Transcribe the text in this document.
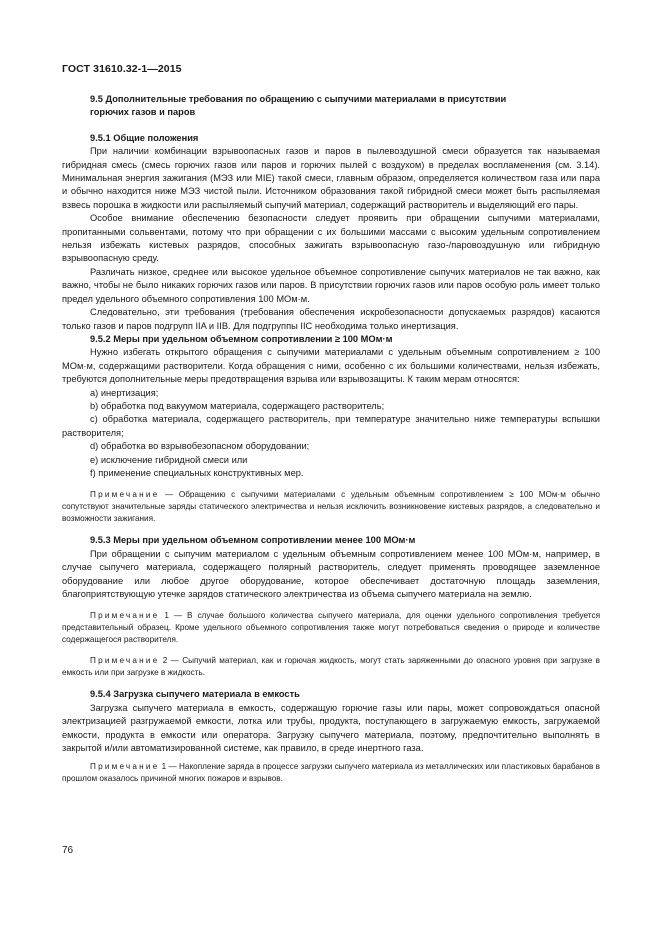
ГОСТ 31610.32-1—2015

9.5 Дополнительные требования по обращению с сыпучими материалами в присутствии

горючих газов и паров

9.5.1 Общие положения

При наличии комбинации взрывоопасных газов и паров в пылевоздушной смеси образуется так называемая гибридная смесь (смесь горючих газов или паров и горючих пылей с воздухом) в пределах воспламенения (см. 3.14). Минимальная энергия зажигания (МЭЗ или MIE) такой смеси, главным образом, определяется количеством газа или пара и обычно находится ниже МЭЗ чистой пыли. Источником образования такой гибридной смеси может быть распыляемая взвесь порошка в жидкости или распыляемый сыпучий материал, содержащий растворитель и выделяющий его пары.

Особое внимание обеспечению безопасности следует проявить при обращении сыпучими материалами, пропитанными сольвентами, потому что при обращении с их большими массами с высоким удельным сопротивлением нельзя избежать кистевых разрядов, способных зажигать взрывоопасную газо-/паровоздушную или гибридную взрывоопасную среду.

Различать низкое, среднее или высокое удельное объемное сопротивление сыпучих материалов не так важно, как важно, чтобы не было никаких горючих газов или паров. В присутствии горючих газов или паров особую роль имеет только предел удельного объемного сопротивления 100 МОм·м.

Следовательно, эти требования (требования обеспечения искробезопасности допускаемых разрядов) касаются только газов и паров подгрупп IIA и IIB. Для подгруппы IIC необходима только инертизация.

9.5.2 Меры при удельном объемном сопротивлении ≥ 100 МОм·м

Нужно избегать открытого обращения с сыпучими материалами с удельным объемным сопротивлением ≥ 100 МОм·м, содержащими растворители. Когда обращения с ними, особенно с их большими количествами, нельзя избежать, требуются дополнительные меры предотвращения взрыва или взрывозащиты. К таким мерам относятся:

а) инертизация;

b) обработка под вакуумом материала, содержащего растворитель;

c) обработка материала, содержащего растворитель, при температуре значительно ниже температуры вспышки растворителя;

d) обработка во взрывобезопасном оборудовании;

e) исключение гибридной смеси или

f) применение специальных конструктивных мер.

Примечание — Обращению с сыпучими материалами с удельным объемным сопротивлением ≥ 100 МОм·м обычно сопутствуют значительные заряды статического электричества и нельзя исключить возникновение кистевых разрядов, а следовательно и возможности зажигания.

9.5.3 Меры при удельном объемном сопротивлении менее 100 МОм·м

При обращении с сыпучим материалом с удельным объемным сопротивлением менее 100 МОм·м, например, в случае сыпучего материала, содержащего полярный растворитель, следует применять проводящее заземленное оборудование или любое другое оборудование, которое обеспечивает достаточную площадь заземления, благоприятствующую утечке зарядов статического электричества из объема сыпучего материала на землю.

Примечание 1 — В случае большого количества сыпучего материала, для оценки удельного сопротивления требуется представительный образец. Кроме удельного объемного сопротивления также могут потребоваться сведения о природе и количестве содержащегося растворителя.

Примечание 2 — Сыпучий материал, как и горючая жидкость, могут стать заряженными до опасного уровня при загрузке в емкость или при загрузке в жидкость.

9.5.4 Загрузка сыпучего материала в емкость

Загрузка сыпучего материала в емкость, содержащую горючие газы или пары, может сопровождаться опасной электризацией разгружаемой емкости, лотка или трубы, продукта, поступающего в загружаемую емкость, загружаемой емкости, продукта в емкости или оператора. Загрузку сыпучего материала, поэтому, предпочтительно выполнять в закрытой и/или автоматизированной системе, как правило, в среде инертного газа.

Примечание 1 — Накопление заряда в процессе загрузки сыпучего материала из металлических или пластиковых барабанов в прошлом оказалось причиной многих пожаров и взрывов.

76
